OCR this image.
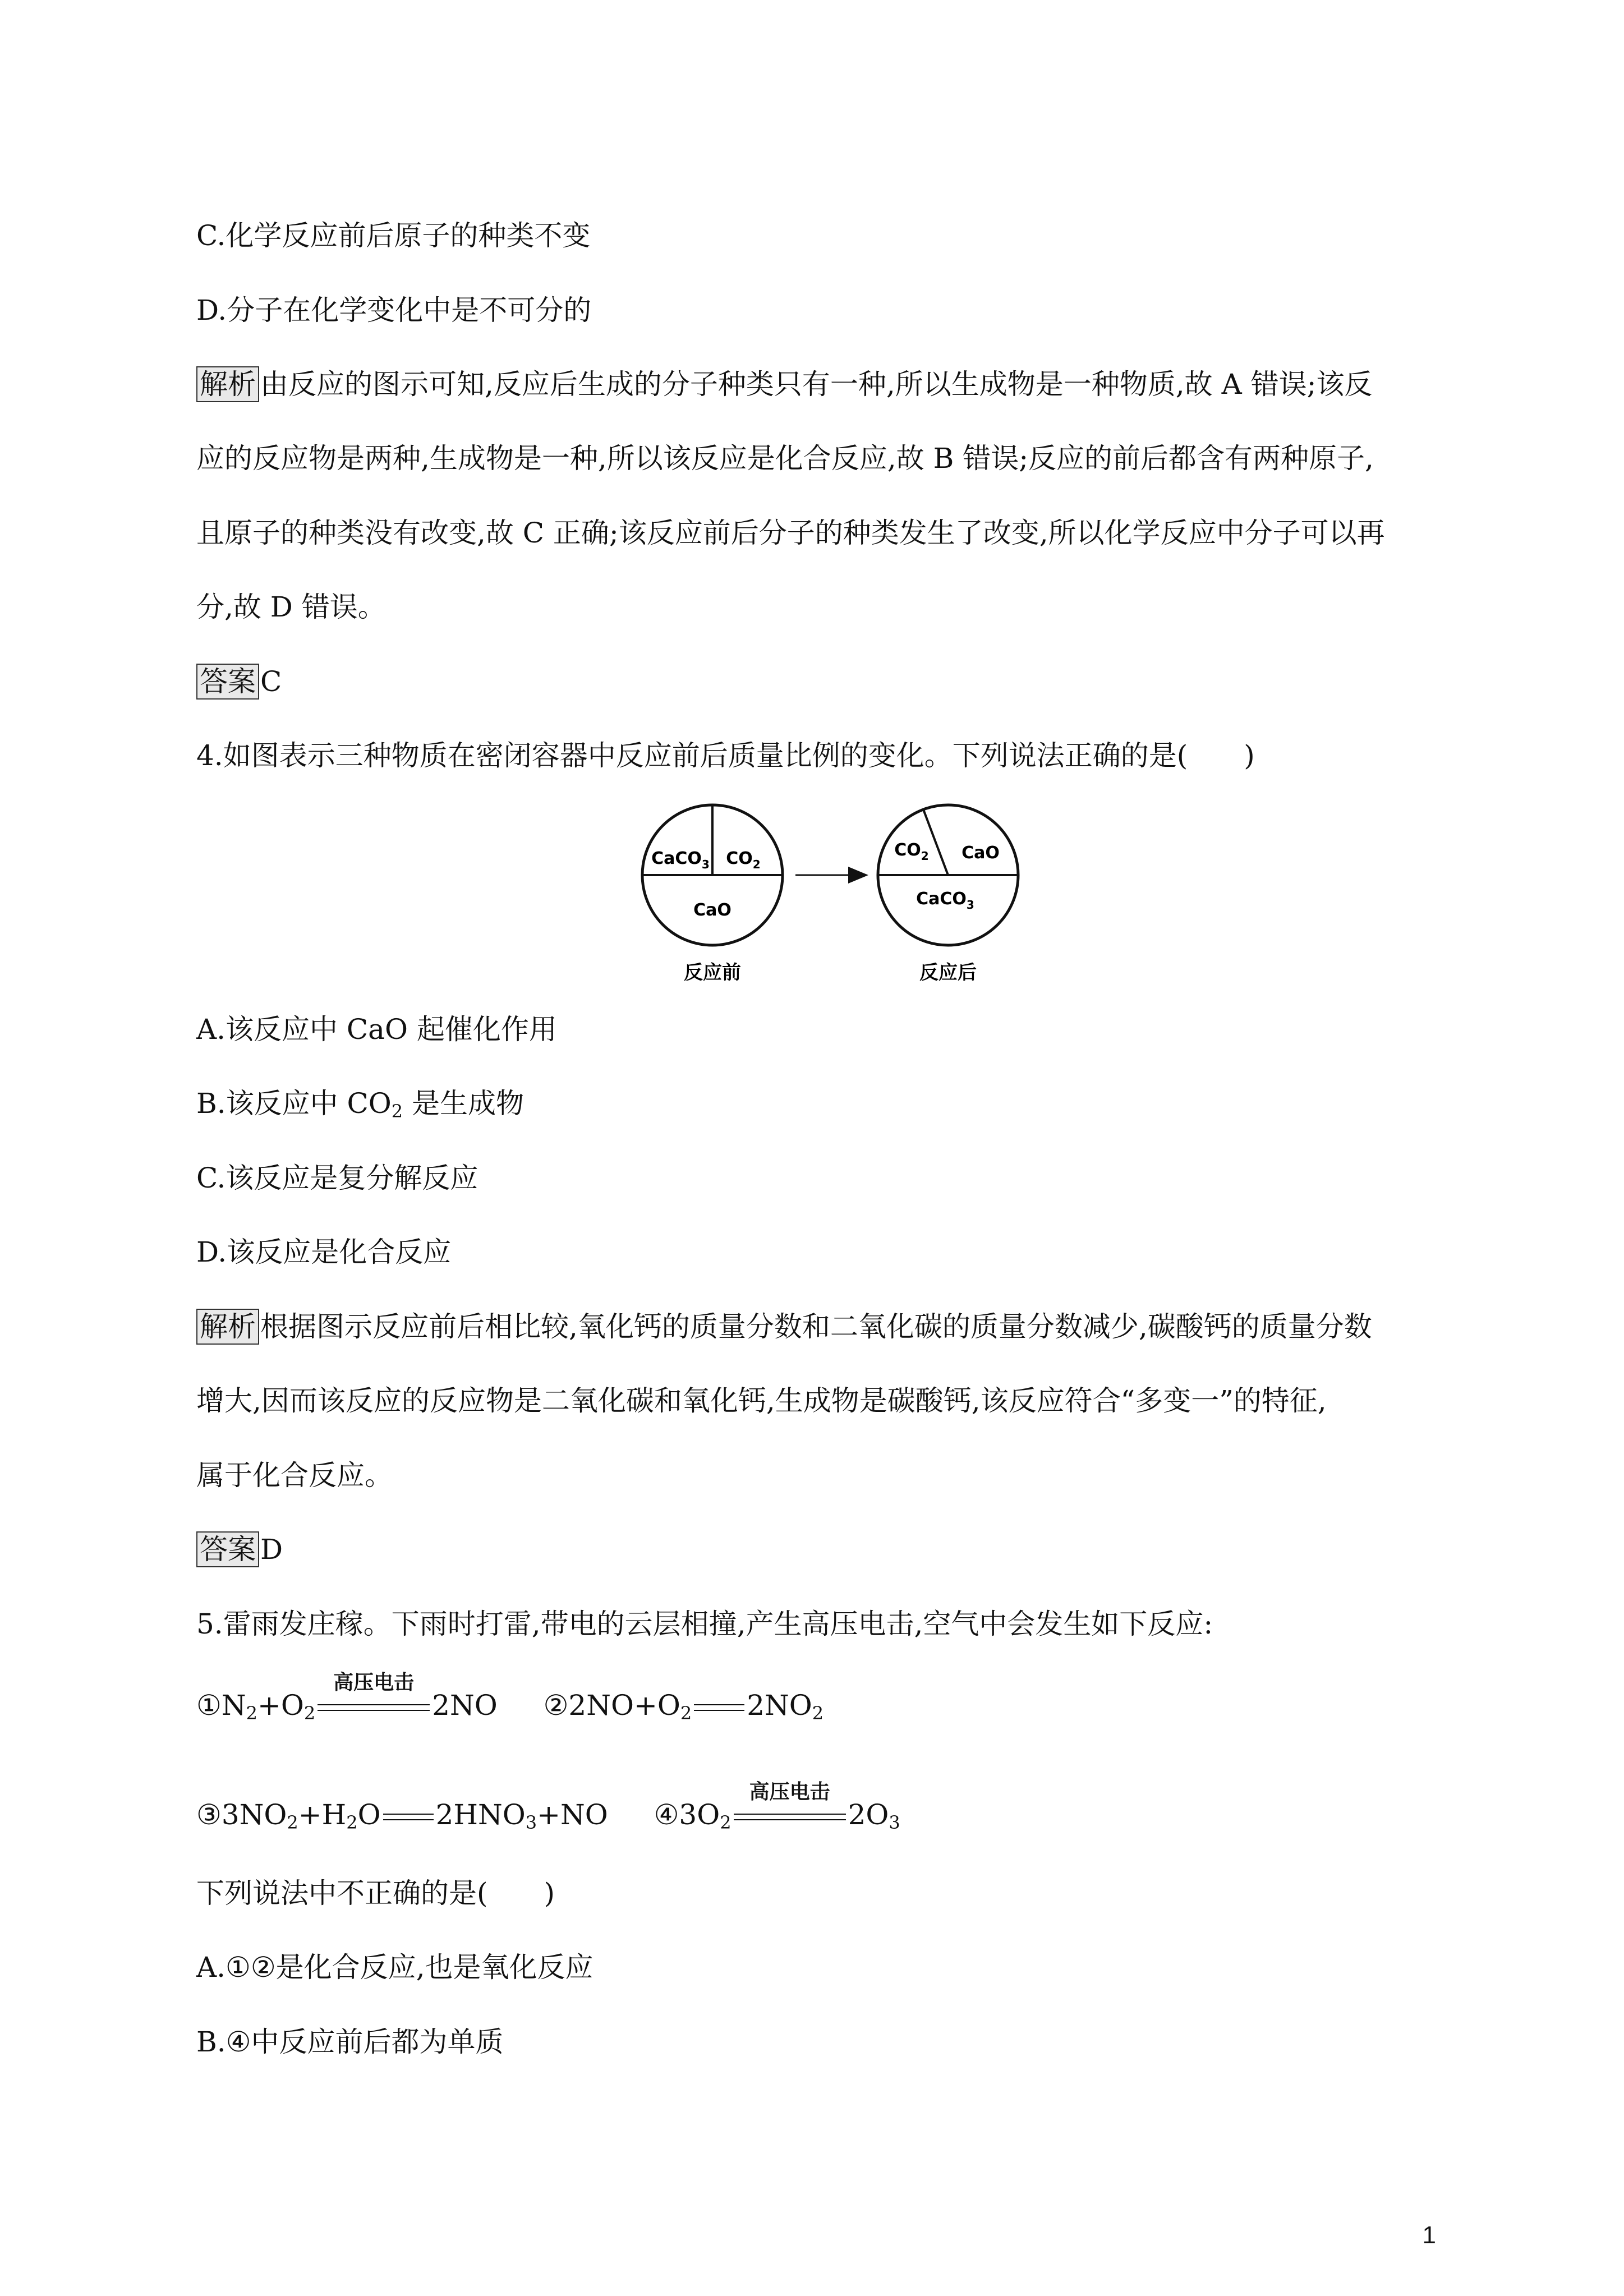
C.化学反应前后原子的种类不变
D.分子在化学变化中是不可分的
解析 由反应的图示可知,反应后生成的分子种类只有一种,所以生成物是一种物质,故 A 错误;该反
应的反应物是两种,生成物是一种,所以该反应是化合反应,故 B 错误;反应的前后都含有两种原子,
且原子的种类没有改变,故 C 正确;该反应前后分子的种类发生了改变,所以化学反应中分子可以再
分,故 D 错误。
答案 C
4.如图表示三种物质在密闭容器中反应前后质量比例的变化。下列说法正确的是(　　)
CaCO$_3$ $CO_2$
CaO
$CO_2$ CaO
CaCO$_3$
反应前	反应后
A.该反应中 CaO 起催化作用
B.该反应中 $CO_2$ 是生成物
C.该反应是复分解反应
D.该反应是化合反应
解析 根据图示反应前后相比较,氧化钙的质量分数和二氧化碳的质量分数减少,碳酸钙的质量分数
增大,因而该反应的反应物是二氧化碳和氧化钙,生成物是碳酸钙,该反应符合“多变一”的特征,
属于化合反应。
答案 D
5.雷雨发庄稼。下雨时打雷,带电的云层相撞,产生高压电击,空气中会发生如下反应:
$①N_2+O_2$
高压电击
2NO $②2NO+O_2$ $2NO_2$
$③3NO_2+H_2O$ $2HNO_3+NO$ $④3O_2$
高压电击
$2O_3$
下列说法中不正确的是(　　)
A.①②是化合反应,也是氧化反应
B.④中反应前后都为单质
1
